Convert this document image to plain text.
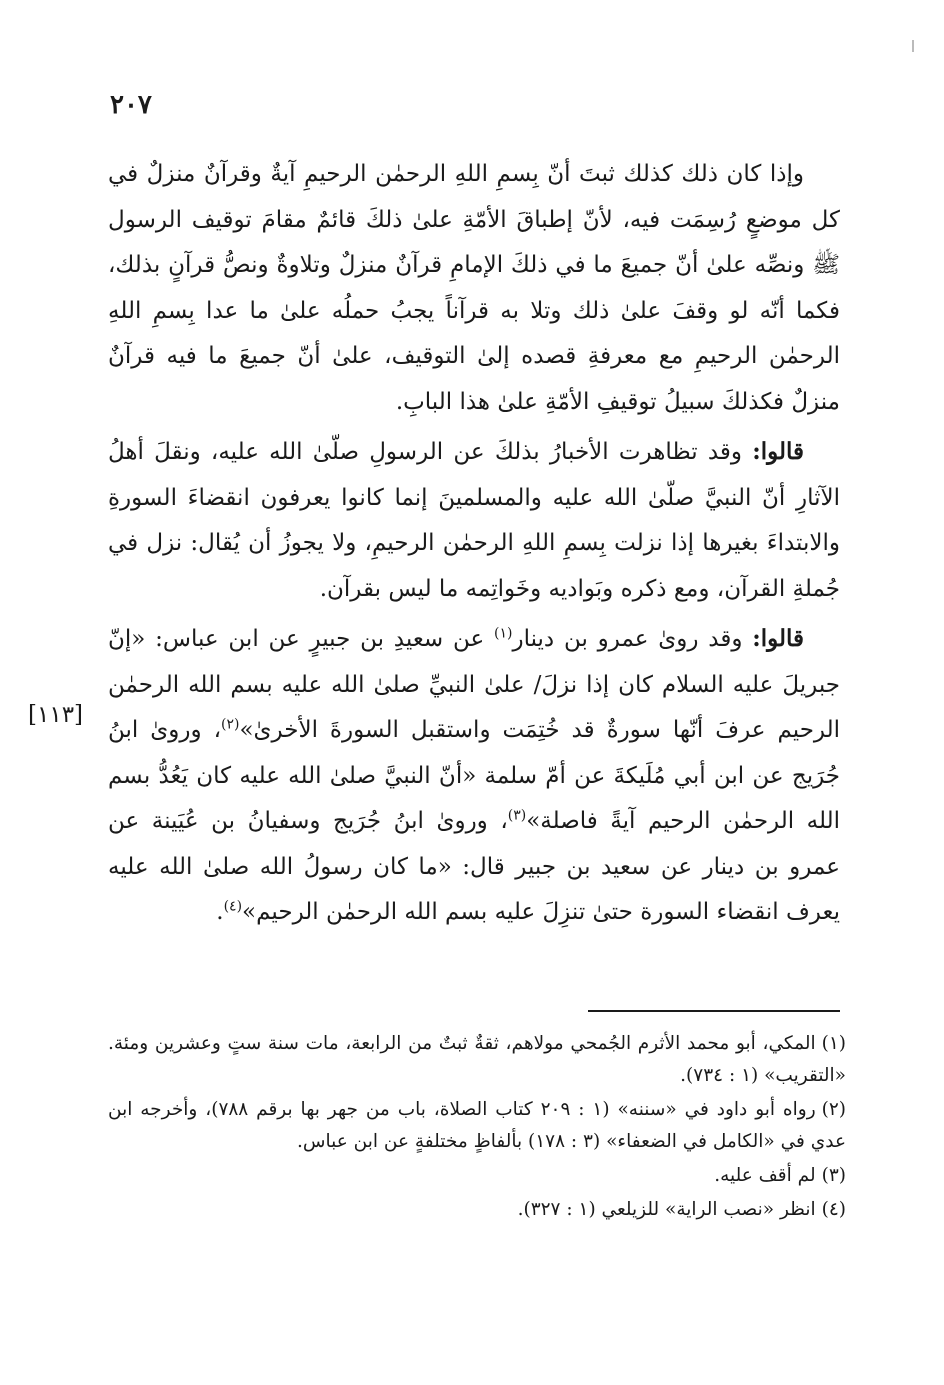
٢٠٧
[١١٣]

وإذا كان ذلك كذلك ثبتَ أنّ بِسمِ اللهِ الرحمٰن الرحيمِ آيةٌ وقرآنٌ منزلٌ في كل موضعٍ رُسِمَت فيه، لأنّ إطباقَ الأمّةِ علىٰ ذلكَ قائمٌ مقامَ توقيف الرسول ﷺ ونصِّه علىٰ أنّ جميعَ ما في ذلكَ الإمامِ قرآنٌ منزلٌ وتلاوةٌ ونصُّ قرآنٍ بذلك، فكما أنّه لو وقفَ علىٰ ذلك وتلا به قرآناً يجبُ حملُه علىٰ ما عدا بِسمِ اللهِ الرحمٰن الرحيمِ مع معرفةِ قصده إلىٰ التوقيف، علىٰ أنّ جميعَ ما فيه قرآنٌ منزلٌ فكذلكَ سبيلُ توقيفِ الأمّةِ علىٰ هذا البابِ.

قالوا: وقد تظاهرت الأخبارُ بذلكَ عن الرسولِ صلّىٰ الله عليه، ونقلَ أهلُ الآثارِ أنّ النبيَّ صلّىٰ الله عليه والمسلمينَ إنما كانوا يعرفون انقضاءَ السورةِ والابتداءَ بغيرها إذا نزلت بِسمِ اللهِ الرحمٰن الرحيمِ، ولا يجوزُ أن يُقال: نزل في جُملةِ القرآن، ومع ذكره وبَواديه وخَواتِمه ما ليس بقرآن.

قالوا: وقد روىٰ عمرو بن دينار$^{(١)}$ عن سعيدِ بن جبيرٍ عن ابن عباس: «إنّ جبريلَ عليه السلام كان إذا نزلَ/ علىٰ النبيِّ صلىٰ الله عليه بسم الله الرحمٰن الرحيم عرفَ أنّها سورةٌ قد خُتِمَت واستقبل السورةَ الأخرىٰ»$^{(٢)}$، وروىٰ ابنُ جُرَيج عن ابن أبي مُلَيكةَ عن أمّ سلمة «أنّ النبيَّ صلىٰ الله عليه كان يَعُدُّ بسم الله الرحمٰن الرحيم آيةً فاصلة»$^{(٣)}$، وروىٰ ابنُ جُرَيج وسفيانُ بن عُيَينة عن عمرو بن دينار عن سعيد بن جبير قال: «ما كان رسولُ الله صلىٰ الله عليه يعرف انقضاء السورة حتىٰ تنزِلَ عليه بسم الله الرحمٰن الرحيم»$^{(٤)}$.

(١)المكي، أبو محمد الأثرم الجُمحي مولاهم، ثقةٌ ثبتٌ من الرابعة، مات سنة ستٍ وعشرين ومئة. «التقريب» (١ : ٧٣٤).

(٢)رواه أبو داود في «سننه» (١ : ٢٠٩ كتاب الصلاة، باب من جهر بها برقم ٧٨٨)، وأخرجه ابن عدي في «الكامل في الضعفاء» (٣ : ١٧٨) بألفاظٍ مختلفةٍ عن ابن عباس.

(٣)لم أقف عليه.

(٤)انظر «نصب الراية» للزيلعي (١ : ٣٢٧).
